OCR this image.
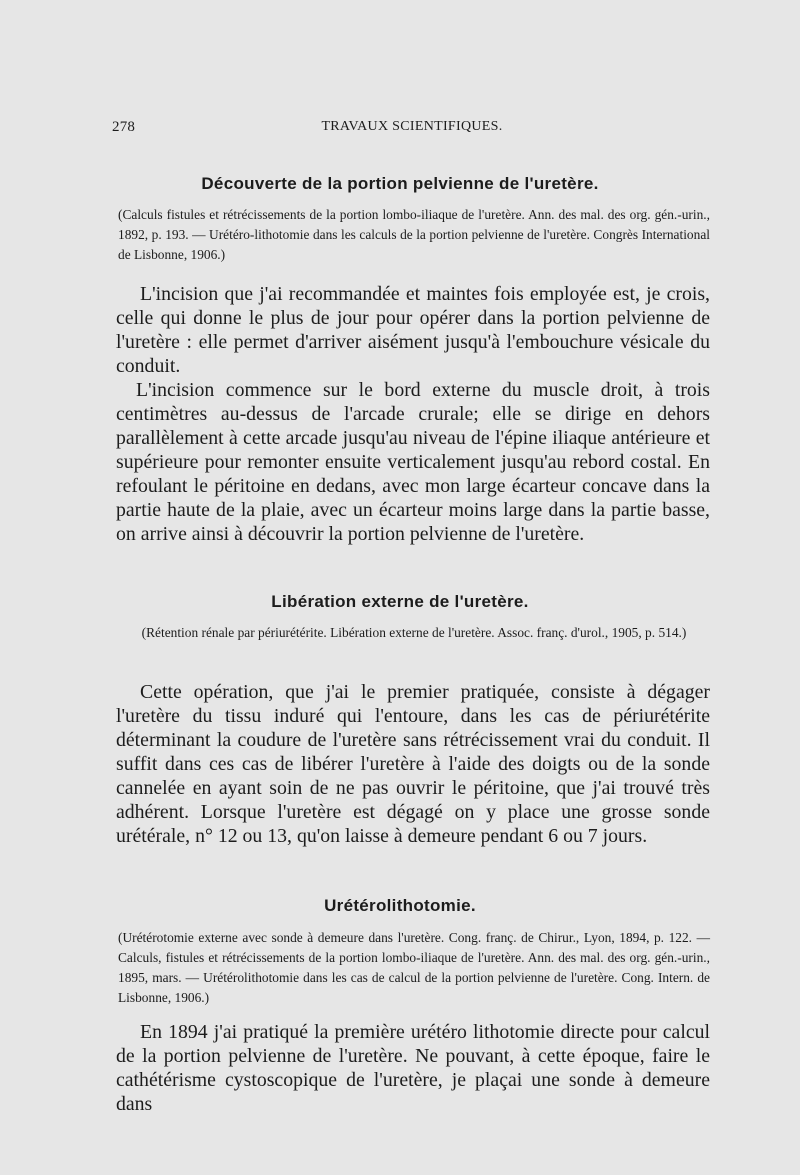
278	TRAVAUX SCIENTIFIQUES.
Découverte de la portion pelvienne de l'uretère.

(Calculs fistules et rétrécissements de la portion lombo-iliaque de l'uretère. Ann. des mal. des org. gén.-urin., 1892, p. 193. — Urétéro-lithotomie dans les calculs de la portion pelvienne de l'uretère. Congrès International de Lisbonne, 1906.)

L'incision que j'ai recommandée et maintes fois employée est, je crois, celle qui donne le plus de jour pour opérer dans la portion pelvienne de l'uretère : elle permet d'arriver aisément jusqu'à l'embouchure vésicale du conduit.

L'incision commence sur le bord externe du muscle droit, à trois centimètres au-dessus de l'arcade crurale; elle se dirige en dehors parallèlement à cette arcade jusqu'au niveau de l'épine iliaque antérieure et supérieure pour remonter ensuite verticalement jusqu'au rebord costal. En refoulant le péritoine en dedans, avec mon large écarteur concave dans la partie haute de la plaie, avec un écarteur moins large dans la partie basse, on arrive ainsi à découvrir la portion pelvienne de l'uretère.

Libération externe de l'uretère.

(Rétention rénale par périurétérite. Libération externe de l'uretère. Assoc. franç. d'urol., 1905, p. 514.)

Cette opération, que j'ai le premier pratiquée, consiste à dégager l'uretère du tissu induré qui l'entoure, dans les cas de périurétérite déterminant la coudure de l'uretère sans rétrécissement vrai du conduit. Il suffit dans ces cas de libérer l'uretère à l'aide des doigts ou de la sonde cannelée en ayant soin de ne pas ouvrir le péritoine, que j'ai trouvé très adhérent. Lorsque l'uretère est dégagé on y place une grosse sonde urétérale, n° 12 ou 13, qu'on laisse à demeure pendant 6 ou 7 jours.

Urétérolithotomie.

(Urétérotomie externe avec sonde à demeure dans l'uretère. Cong. franç. de Chirur., Lyon, 1894, p. 122. — Calculs, fistules et rétrécissements de la portion lombo-iliaque de l'uretère. Ann. des mal. des org. gén.-urin., 1895, mars. — Urétérolithotomie dans les cas de calcul de la portion pelvienne de l'uretère. Cong. Intern. de Lisbonne, 1906.)

En 1894 j'ai pratiqué la première urétéro lithotomie directe pour calcul de la portion pelvienne de l'uretère. Ne pouvant, à cette époque, faire le cathétérisme cystoscopique de l'uretère, je plaçai une sonde à demeure dans
